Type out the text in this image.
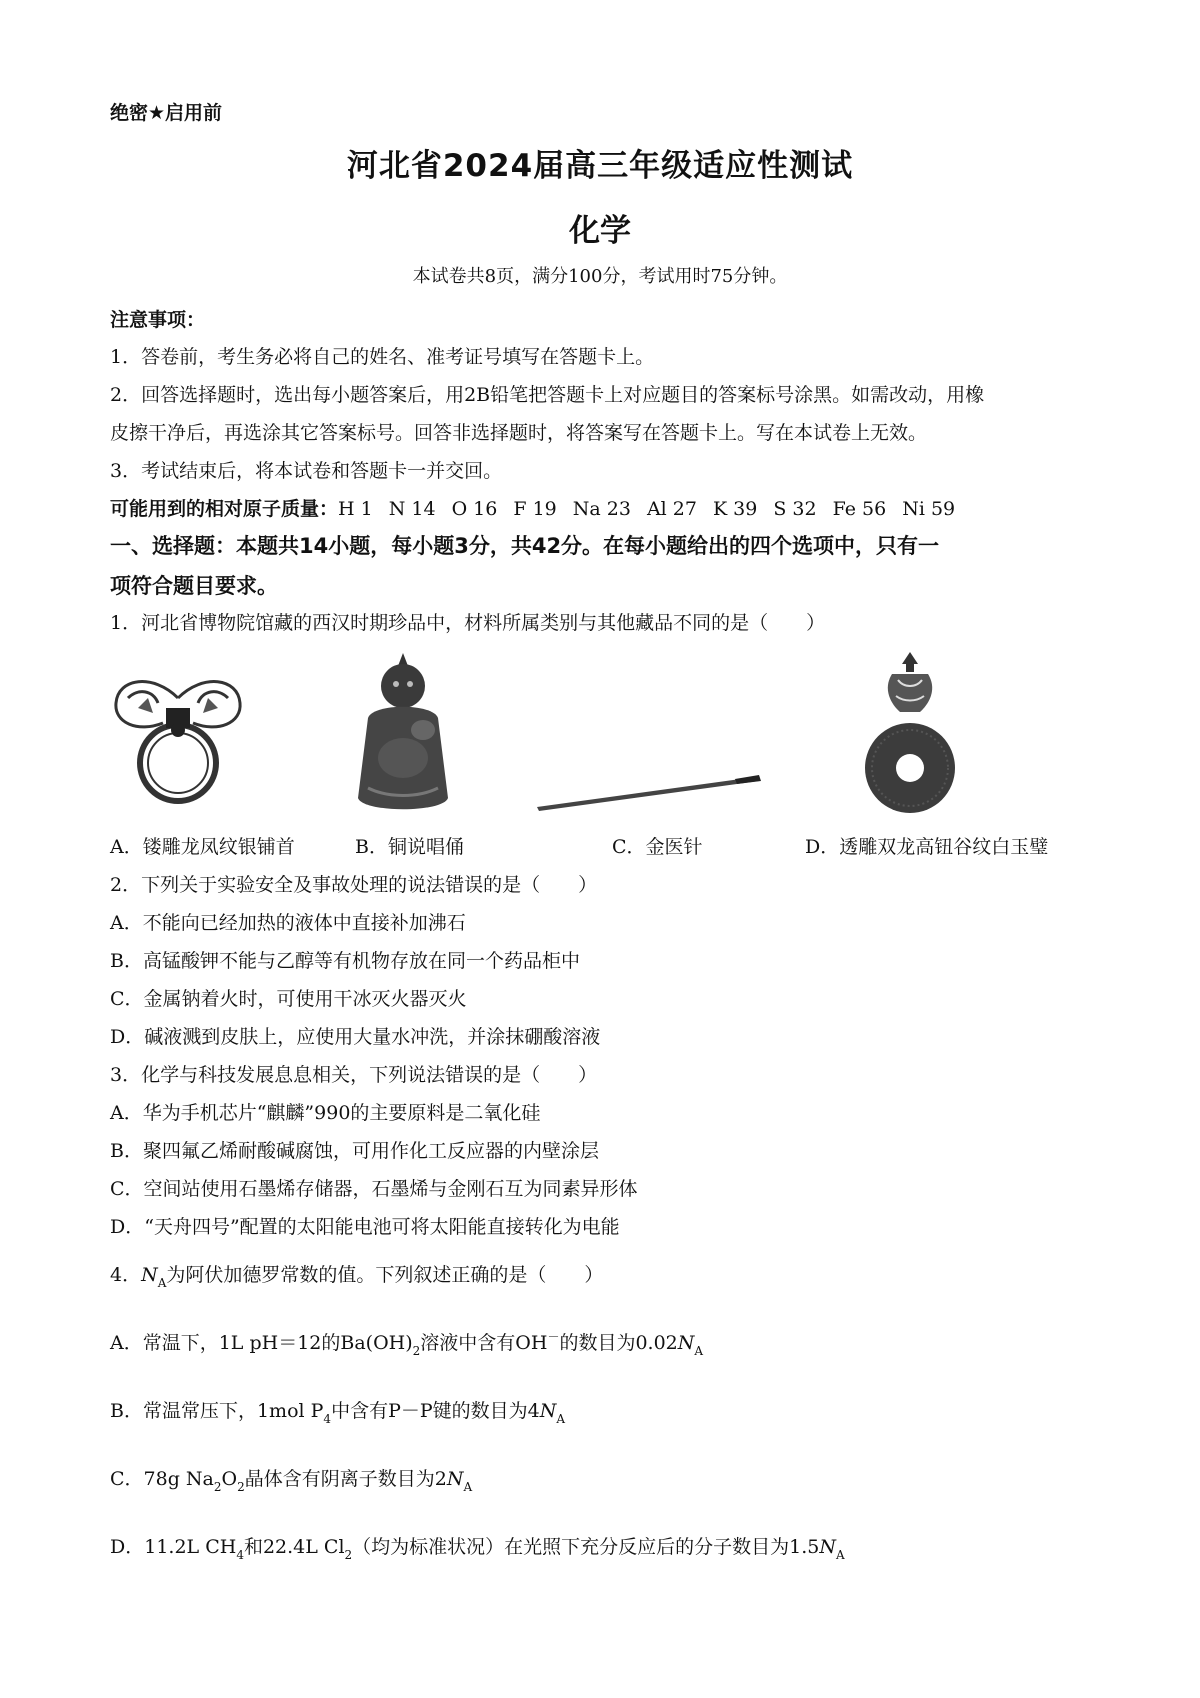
绝密★启用前
河北省2024届高三年级适应性测试
化学
本试卷共8页，满分100分，考试用时75分钟。
注意事项：
1．答卷前，考生务必将自己的姓名、准考证号填写在答题卡上。
2．回答选择题时，选出每小题答案后，用2B铅笔把答题卡上对应题目的答案标号涂黑。如需改动，用橡
皮擦干净后，再选涂其它答案标号。回答非选择题时，将答案写在答题卡上。写在本试卷上无效。
3．考试结束后，将本试卷和答题卡一并交回。
可能用到的相对原子质量：H 1 N 14 O 16 F 19 Na 23 Al 27 K 39 S 32 Fe 56 Ni 59
一、选择题：本题共14小题，每小题3分，共42分。在每小题给出的四个选项中，只有一
项符合题目要求。
1．河北省博物院馆藏的西汉时期珍品中，材料所属类别与其他藏品不同的是（　　）
A．镂雕龙凤纹银铺首	B．铜说唱俑	C．金医针	D．透雕双龙高钮谷纹白玉璧
2．下列关于实验安全及事故处理的说法错误的是（　　）
A．不能向已经加热的液体中直接补加沸石
B．高锰酸钾不能与乙醇等有机物存放在同一个药品柜中
C．金属钠着火时，可使用干冰灭火器灭火
D．碱液溅到皮肤上，应使用大量水冲洗，并涂抹硼酸溶液
3．化学与科技发展息息相关，下列说法错误的是（　　）
A．华为手机芯片“麒麟”990的主要原料是二氧化硅
B．聚四氟乙烯耐酸碱腐蚀，可用作化工反应器的内壁涂层
C．空间站使用石墨烯存储器，石墨烯与金刚石互为同素异形体
D．“天舟四号”配置的太阳能电池可将太阳能直接转化为电能
4．$N_A$为阿伏加德罗常数的值。下列叙述正确的是（　　）
A．常温下，1L pH＝12的$Ba(OH)_2$溶液中含有OH－的数目为$0.02N_A$
B．常温常压下，1mol $P_4$中含有P－P键的数目为$4N_A$
C．78g $Na_2O_2$晶体含有阴离子数目为$2N_A$
D．11.2L $CH_4$和22.4L $Cl_2$（均为标准状况）在光照下充分反应后的分子数目为$1.5N_A$
